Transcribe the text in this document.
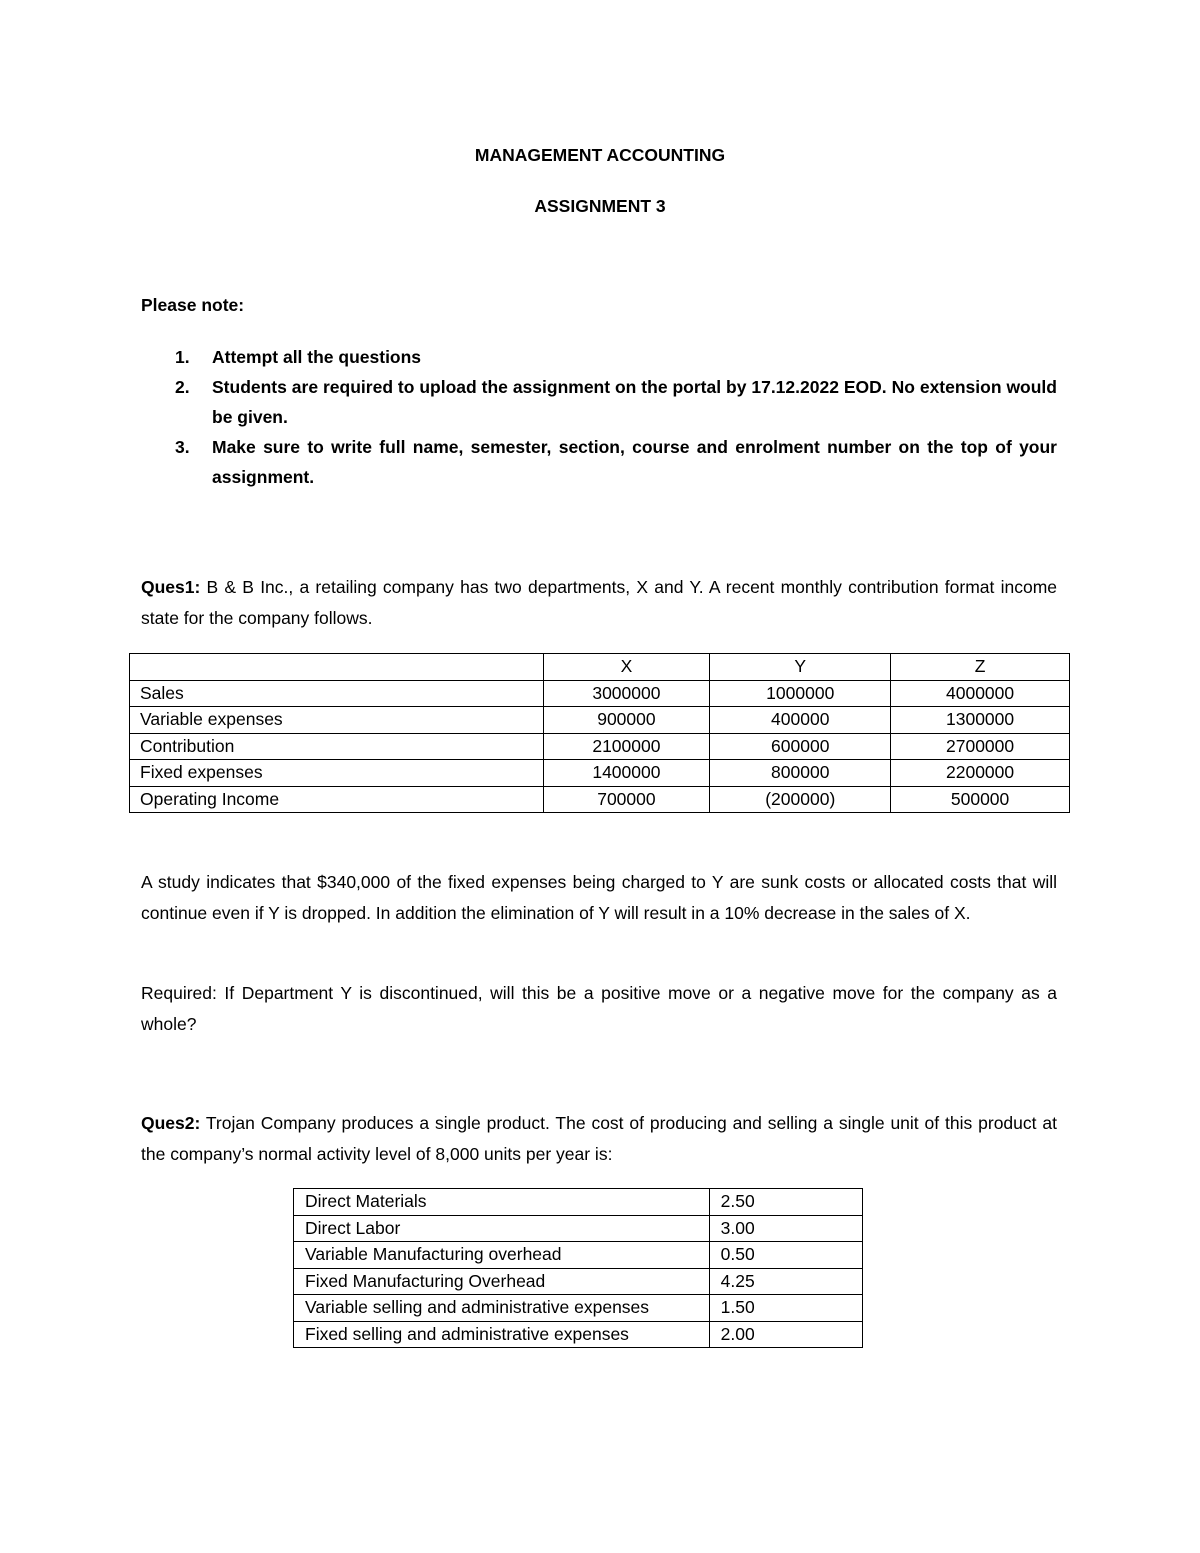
MANAGEMENT ACCOUNTING
ASSIGNMENT 3
Please note:
1. Attempt all the questions
2. Students are required to upload the assignment on the portal by 17.12.2022 EOD. No extension would be given.
3. Make sure to write full name, semester, section, course and enrolment number on the top of your assignment.
Ques1: B & B Inc., a retailing company has two departments, X and Y. A recent monthly contribution format income state for the company follows.
	X	Y	Z
Sales	3000000	1000000	4000000
Variable expenses	900000	400000	1300000
Contribution	2100000	600000	2700000
Fixed expenses	1400000	800000	2200000
Operating Income	700000	(200000)	500000
A study indicates that $340,000 of the fixed expenses being charged to Y are sunk costs or allocated costs that will continue even if Y is dropped. In addition the elimination of Y will result in a 10% decrease in the sales of X.
Required: If Department Y is discontinued, will this be a positive move or a negative move for the company as a whole?
Ques2: Trojan Company produces a single product. The cost of producing and selling a single unit of this product at the company’s normal activity level of 8,000 units per year is:
Direct Materials	2.50
Direct Labor	3.00
Variable Manufacturing overhead	0.50
Fixed Manufacturing Overhead	4.25
Variable selling and administrative expenses	1.50
Fixed selling and administrative expenses	2.00
